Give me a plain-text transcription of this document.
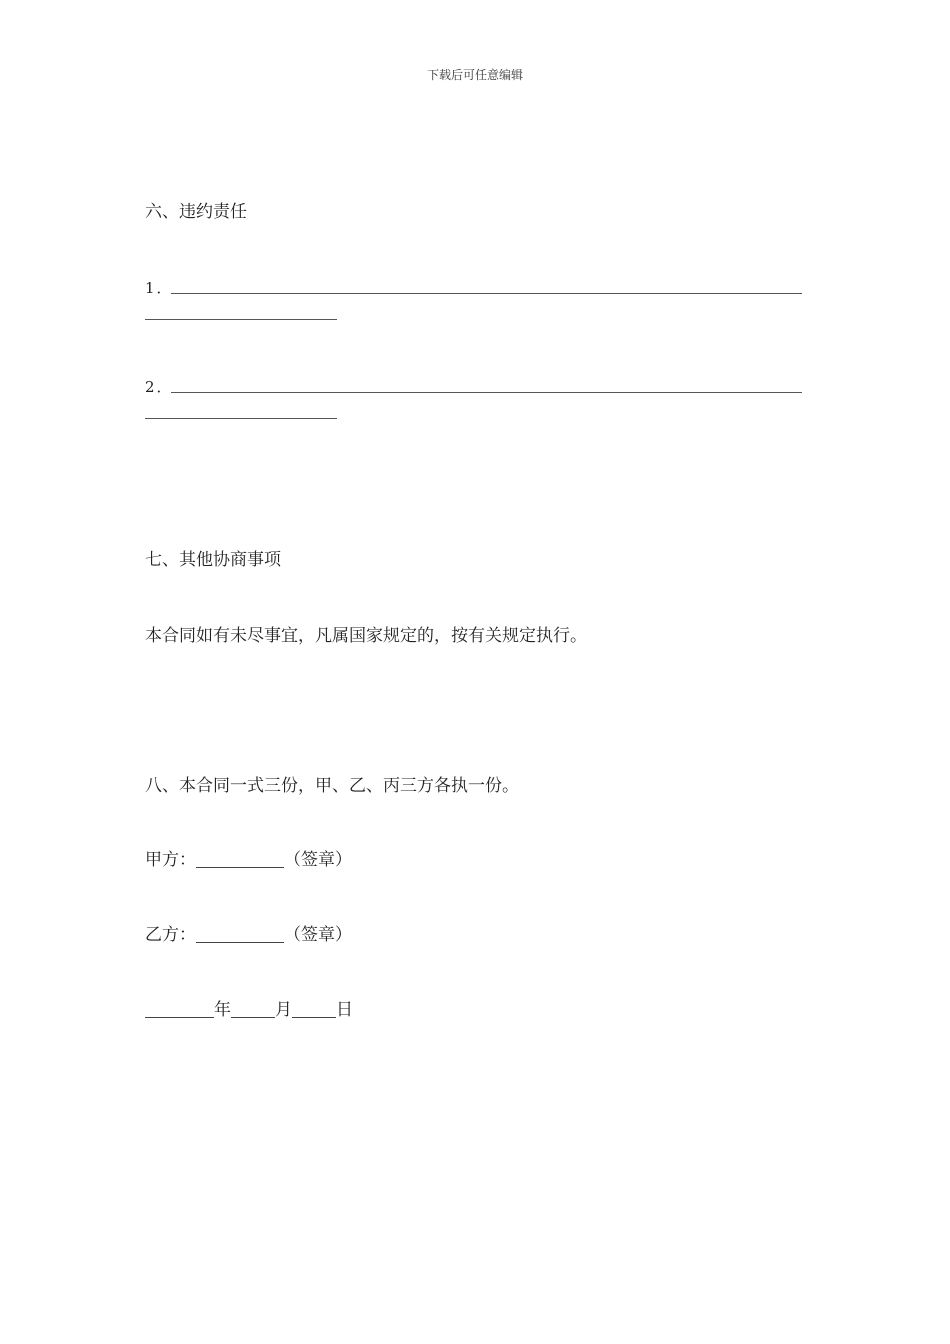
下载后可任意编辑
六、违约责任
1．
2．
七、其他协商事项
本合同如有未尽事宜，凡属国家规定的，按有关规定执行。
八、本合同一式三份，甲、乙、丙三方各执一份。
甲方：	（签章）
乙方：	（签章）
年	月	日
